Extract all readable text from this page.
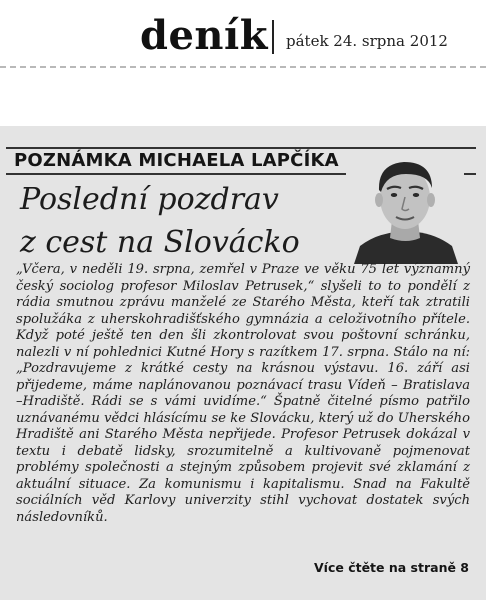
deník pátek 24. srpna 2012
POZNÁMKA MICHAELA LAPČÍKA
Poslední pozdrav
z cest na Slovácko
„Včera, v neděli 19. srpna, zemřel v Praze ve věku 75 let významný český sociolog profesor Miloslav Petrusek,“ slyšeli to to pondělí z rádia smutnou zprávu manželé ze Starého Města, kteří tak ztratili spolužáka z uherskohradišťského gymnázia a celoživotního přítele. Když poté ještě ten den šli zkontrolovat svou poštovní schránku, nalezli v ní pohlednici Kutné Hory s razítkem 17. srpna. Stálo na ní: „Pozdravujeme z krátké cesty na krásnou výstavu. 16. září asi přijedeme, máme naplánovanou poznávací trasu Vídeň – Bratislava –Hradiště. Rádi se s vámi uvidíme.“ Špatně čitelné písmo patřilo uznávanému vědci hlásícímu se ke Slovácku, který už do Uherského Hradiště ani Starého Města nepřijede. Profesor Petrusek dokázal v textu i debatě lidsky, srozumitelně a kultivovaně pojmenovat problémy společnosti a stejným způsobem projevit své zklamání z aktuální situace. Za komunismu i kapitalismu. Snad na Fakultě sociálních věd Karlovy univerzity stihl vychovat dostatek svých následovníků.
Více čtěte na straně 8
